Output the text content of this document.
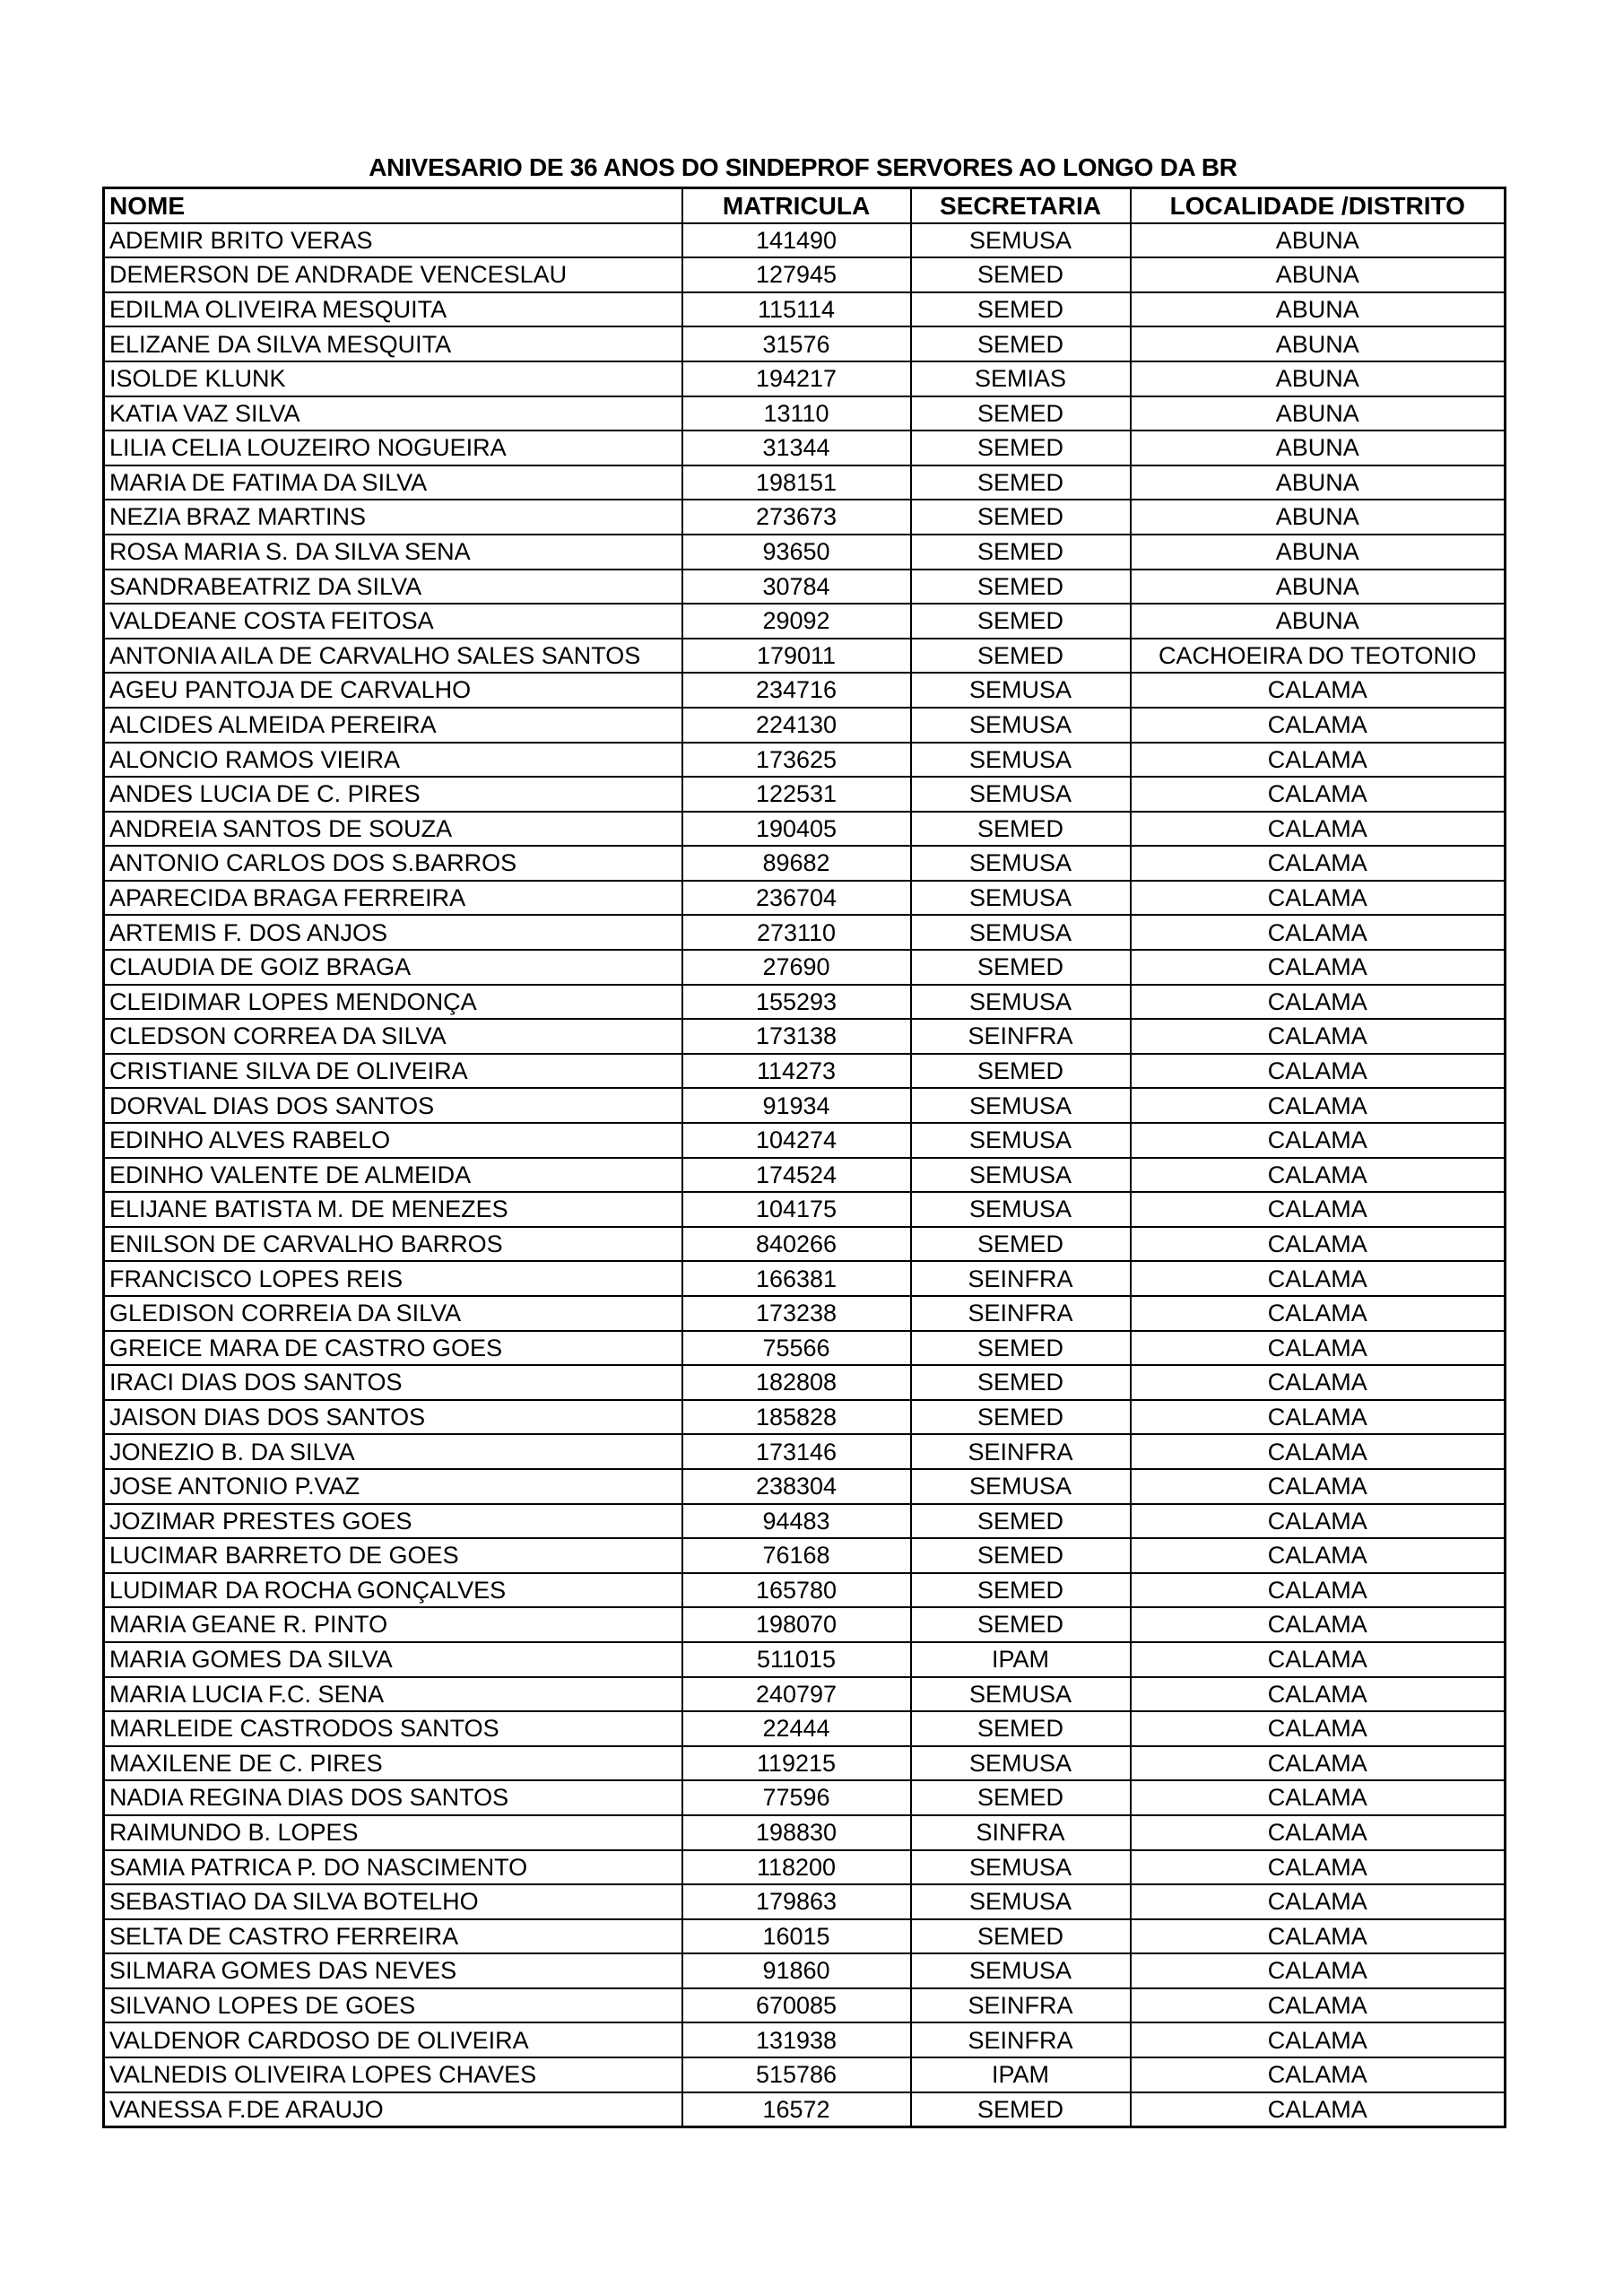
ANIVESARIO DE 36 ANOS DO SINDEPROF SERVORES AO LONGO DA BR
NOME	MATRICULA	SECRETARIA	LOCALIDADE /DISTRITO
ADEMIR BRITO VERAS	141490	SEMUSA	ABUNA
DEMERSON DE ANDRADE VENCESLAU	127945	SEMED	ABUNA
EDILMA OLIVEIRA MESQUITA	115114	SEMED	ABUNA
ELIZANE DA SILVA MESQUITA	31576	SEMED	ABUNA
ISOLDE KLUNK	194217	SEMIAS	ABUNA
KATIA VAZ SILVA	13110	SEMED	ABUNA
LILIA CELIA LOUZEIRO NOGUEIRA	31344	SEMED	ABUNA
MARIA DE FATIMA DA SILVA	198151	SEMED	ABUNA
NEZIA BRAZ MARTINS	273673	SEMED	ABUNA
ROSA MARIA S. DA SILVA SENA	93650	SEMED	ABUNA
SANDRABEATRIZ DA SILVA	30784	SEMED	ABUNA
VALDEANE COSTA FEITOSA	29092	SEMED	ABUNA
ANTONIA AILA DE CARVALHO SALES SANTOS	179011	SEMED	CACHOEIRA DO TEOTONIO
AGEU PANTOJA DE CARVALHO	234716	SEMUSA	CALAMA
ALCIDES ALMEIDA PEREIRA	224130	SEMUSA	CALAMA
ALONCIO RAMOS VIEIRA	173625	SEMUSA	CALAMA
ANDES LUCIA DE C. PIRES	122531	SEMUSA	CALAMA
ANDREIA SANTOS DE SOUZA	190405	SEMED	CALAMA
ANTONIO CARLOS DOS S.BARROS	89682	SEMUSA	CALAMA
APARECIDA BRAGA FERREIRA	236704	SEMUSA	CALAMA
ARTEMIS F. DOS ANJOS	273110	SEMUSA	CALAMA
CLAUDIA DE GOIZ BRAGA	27690	SEMED	CALAMA
CLEIDIMAR LOPES MENDONÇA	155293	SEMUSA	CALAMA
CLEDSON CORREA DA SILVA	173138	SEINFRA	CALAMA
CRISTIANE SILVA DE OLIVEIRA	114273	SEMED	CALAMA
DORVAL DIAS DOS SANTOS	91934	SEMUSA	CALAMA
EDINHO ALVES RABELO	104274	SEMUSA	CALAMA
EDINHO VALENTE DE ALMEIDA	174524	SEMUSA	CALAMA
ELIJANE BATISTA M. DE MENEZES	104175	SEMUSA	CALAMA
ENILSON DE CARVALHO BARROS	840266	SEMED	CALAMA
FRANCISCO LOPES REIS	166381	SEINFRA	CALAMA
GLEDISON CORREIA DA SILVA	173238	SEINFRA	CALAMA
GREICE MARA DE CASTRO GOES	75566	SEMED	CALAMA
IRACI DIAS DOS SANTOS	182808	SEMED	CALAMA
JAISON DIAS DOS SANTOS	185828	SEMED	CALAMA
JONEZIO B. DA SILVA	173146	SEINFRA	CALAMA
JOSE ANTONIO P.VAZ	238304	SEMUSA	CALAMA
JOZIMAR PRESTES GOES	94483	SEMED	CALAMA
LUCIMAR BARRETO DE GOES	76168	SEMED	CALAMA
LUDIMAR DA ROCHA GONÇALVES	165780	SEMED	CALAMA
MARIA GEANE R. PINTO	198070	SEMED	CALAMA
MARIA GOMES DA SILVA	511015	IPAM	CALAMA
MARIA LUCIA F.C. SENA	240797	SEMUSA	CALAMA
MARLEIDE CASTRODOS SANTOS	22444	SEMED	CALAMA
MAXILENE DE C. PIRES	119215	SEMUSA	CALAMA
NADIA REGINA DIAS DOS SANTOS	77596	SEMED	CALAMA
RAIMUNDO B. LOPES	198830	SINFRA	CALAMA
SAMIA PATRICA P. DO NASCIMENTO	118200	SEMUSA	CALAMA
SEBASTIAO DA SILVA BOTELHO	179863	SEMUSA	CALAMA
SELTA DE CASTRO FERREIRA	16015	SEMED	CALAMA
SILMARA GOMES DAS NEVES	91860	SEMUSA	CALAMA
SILVANO LOPES DE GOES	670085	SEINFRA	CALAMA
VALDENOR CARDOSO DE OLIVEIRA	131938	SEINFRA	CALAMA
VALNEDIS OLIVEIRA LOPES CHAVES	515786	IPAM	CALAMA
VANESSA F.DE ARAUJO	16572	SEMED	CALAMA
